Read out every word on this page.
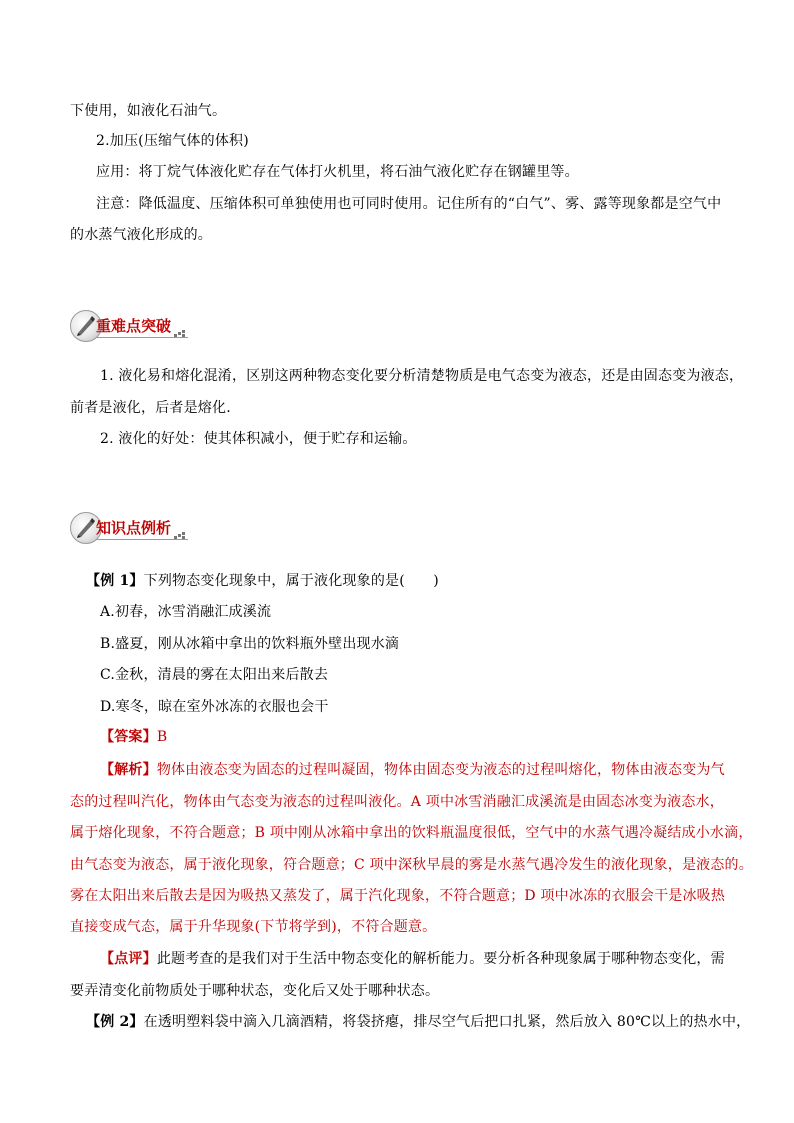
下使用，如液化石油气。
2.加压(压缩气体的体积)
应用：将丁烷气体液化贮存在气体打火机里，将石油气液化贮存在钢罐里等。
注意：降低温度、压缩体积可单独使用也可同时使用。记住所有的“白气”、雾、露等现象都是空气中
的水蒸气液化形成的。
重难点突破
1. 液化易和熔化混淆，区别这两种物态变化要分析清楚物质是电气态变为液态，还是由固态变为液态，
前者是液化，后者是熔化.
2. 液化的好处：使其体积减小，便于贮存和运输。
知识点例析
【例 1】下列物态变化现象中，属于液化现象的是(　　)
A.初春，冰雪消融汇成溪流
B.盛夏，刚从冰箱中拿出的饮料瓶外壁出现水滴
C.金秋，清晨的雾在太阳出来后散去
D.寒冬，晾在室外冰冻的衣服也会干
【答案】B
【解析】物体由液态变为固态的过程叫凝固，物体由固态变为液态的过程叫熔化，物体由液态变为气
态的过程叫汽化，物体由气态变为液态的过程叫液化。A 项中冰雪消融汇成溪流是由固态冰变为液态水，
属于熔化现象，不符合题意；B 项中刚从冰箱中拿出的饮料瓶温度很低，空气中的水蒸气遇冷凝结成小水滴，
由气态变为液态，属于液化现象，符合题意；C 项中深秋早晨的雾是水蒸气遇冷发生的液化现象，是液态的。
雾在太阳出来后散去是因为吸热又蒸发了，属于汽化现象，不符合题意；D 项中冰冻的衣服会干是冰吸热
直接变成气态，属于升华现象(下节将学到)，不符合题意。
【点评】此题考查的是我们对于生活中物态变化的解析能力。要分析各种现象属于哪种物态变化，需
要弄清变化前物质处于哪种状态，变化后又处于哪种状态。
【例 2】在透明塑料袋中滴入几滴酒精，将袋挤瘪，排尽空气后把口扎紧，然后放入 80℃以上的热水中，
